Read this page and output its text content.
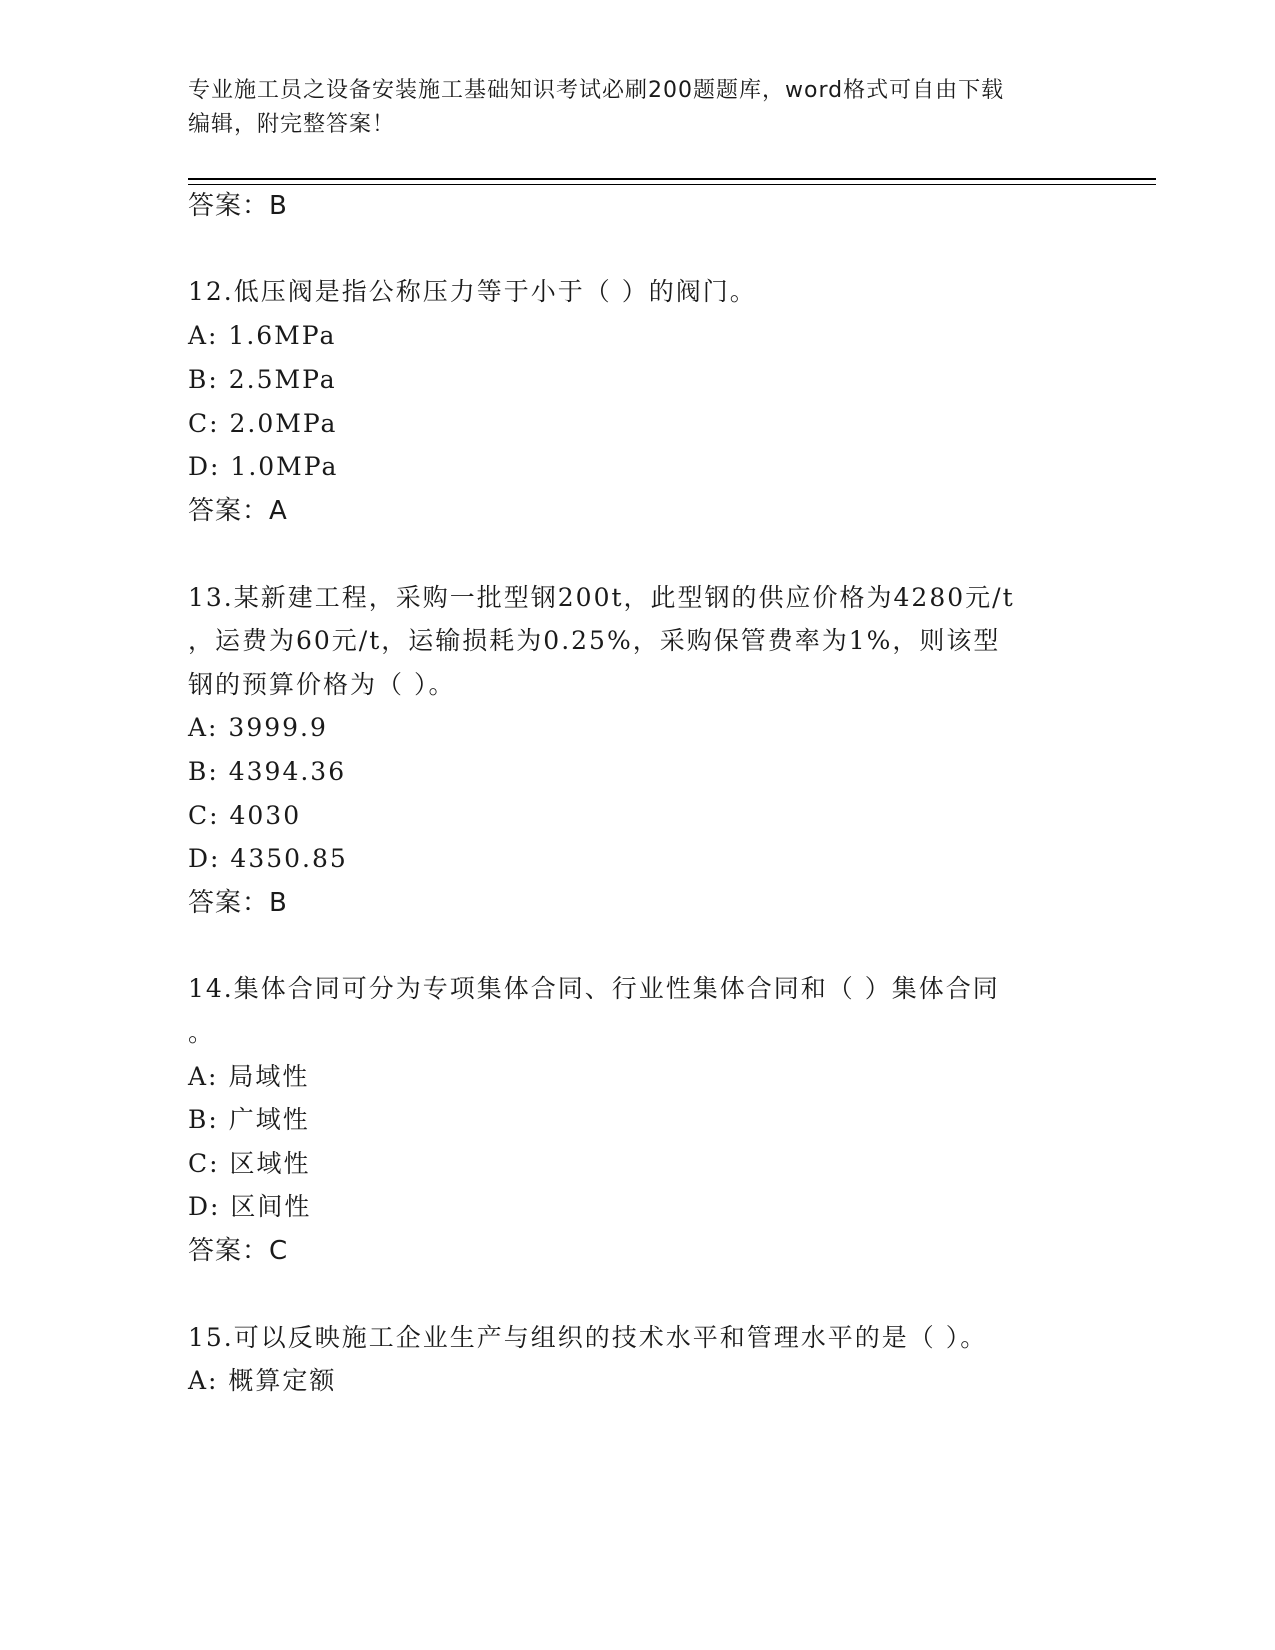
专业施工员之设备安装施工基础知识考试必刷200题题库，word格式可自由下载
编辑，附完整答案！
答案：B
12.低压阀是指公称压力等于小于（ ）的阀门。
A: 1.6MPa
B: 2.5MPa
C: 2.0MPa
D: 1.0MPa
答案：A
13.某新建工程，采购一批型钢200t，此型钢的供应价格为4280元/t
，运费为60元/t，运输损耗为0.25%，采购保管费率为1%，则该型
钢的预算价格为（ ）。
A: 3999.9
B: 4394.36
C: 4030
D: 4350.85
答案：B
14.集体合同可分为专项集体合同、行业性集体合同和（ ）集体合同
。
A: 局域性
B: 广域性
C: 区域性
D: 区间性
答案：C
15.可以反映施工企业生产与组织的技术水平和管理水平的是（ ）。
A: 概算定额
